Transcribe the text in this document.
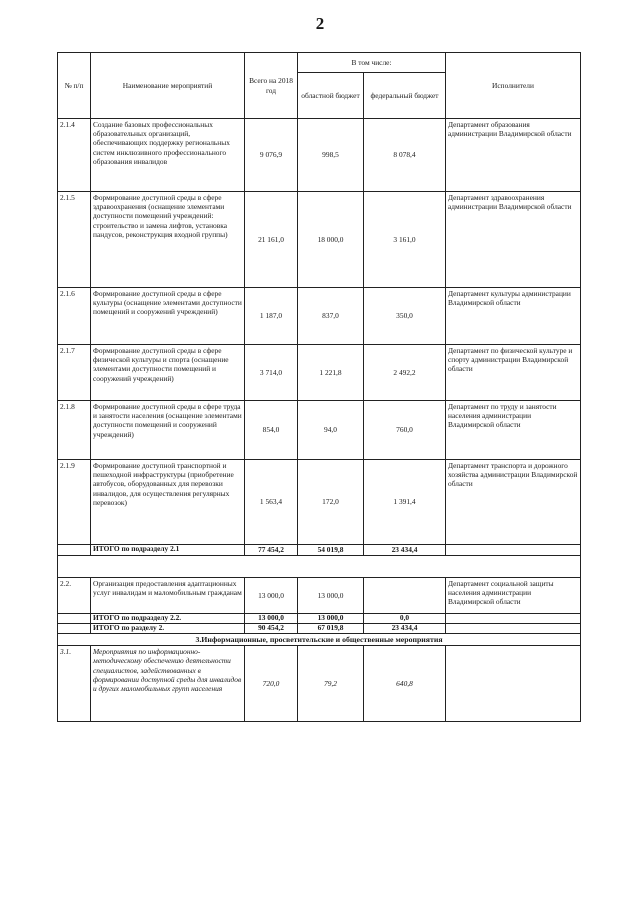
2
№ п/п	Наименование мероприятий	Всего на 2018 год	В том числе:		Исполнители
			областной бюджет	федеральный бюджет	
2.1.4	Создание базовых профессиональных образовательных организаций, обеспечивающих поддержку региональных систем инклюзивного профессионального образования инвалидов	9 076,9	998,5	8 078,4	Департамент образования администрации Владимирской области
2.1.5	Формирование доступной среды в сфере здравоохранения (оснащение элементами доступности помещений учреждений: строительство и замена лифтов, установка пандусов, реконструкция входной группы)	21 161,0	18 000,0	3 161,0	Департамент здравоохранения администрации Владимирской области
2.1.6	Формирование доступной среды в сфере культуры (оснащение элементами доступности помещений и сооружений учреждений)	1 187,0	837,0	350,0	Департамент культуры администрации Владимирской области
2.1.7	Формирование доступной среды в сфере физической культуры и спорта (оснащение элементами доступности помещений и сооружений учреждений)	3 714,0	1 221,8	2 492,2	Департамент по физической культуре и спорту администрации Владимирской области
2.1.8	Формирование доступной среды в сфере труда и занятости населения (оснащение элементами доступности помещений и сооружений учреждений)	854,0	94,0	760,0	Департамент по труду и занятости населения администрации Владимирской области
2.1.9	Формирование доступной транспортной и пешеходной инфраструктуры (приобретение автобусов, оборудованных для перевозки инвалидов, для осуществления регулярных перевозок)	1 563,4	172,0	1 391,4	Департамент транспорта и дорожного хозяйства администрации Владимирской области
	ИТОГО по подразделу 2.1	77 454,2	54 019,8	23 434,4	

2.2.	Организация предоставления адаптационных услуг инвалидам и маломобильным гражданам	13 000,0	13 000,0		Департамент социальной защиты населения администрации Владимирской области
	ИТОГО по подразделу 2.2.	13 000,0	13 000,0	0,0	
	ИТОГО по разделу 2.	90 454,2	67 019,8	23 434,4	
3.Информационные, просветительские и общественные мероприятия					
3.1.	Мероприятия по информационно-методическому обеспечению деятельности специалистов, задействованных в формировании доступной среды для инвалидов и других маломобильных групп населения	720,0	79,2	640,8	
